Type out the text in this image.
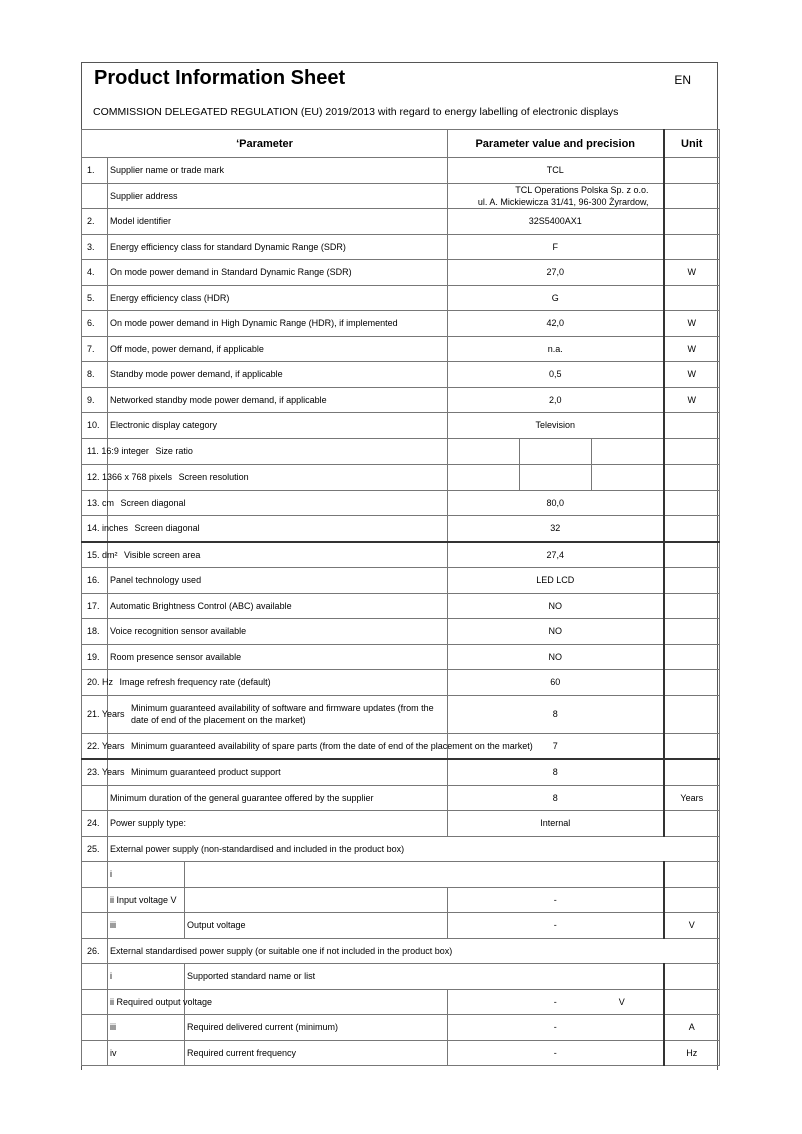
Product Information Sheet	EN
COMMISSION DELEGATED REGULATION (EU) 2019/2013 with regard to energy labelling of electronic displays
‘Parameter			Parameter value and precision	Unit
1.	Supplier name or trade mark		TCL	
	Supplier address		TCL Operations Polska Sp. z o.o.
ul. A. Mickiewicza 31/41, 96-300 Żyrardow,	
2.	Model identifier		32S5400AX1	
3.	Energy efficiency class for standard Dynamic Range (SDR)		F	
4.	On mode power demand in Standard Dynamic Range (SDR)		27,0	W
5.	Energy efficiency class (HDR)		G	
6.	On mode power demand in High Dynamic Range (HDR), if implemented		42,0	W
7.	Off mode, power demand, if applicable		n.a.	W
8.	Standby mode power demand, if applicable		0,5	W
9.	Networked standby mode power demand, if applicable		2,0	W
10.	Electronic display category		Television	
11. 16:9 integer	Size ratio		

12. 1366 x 768 pixels	Screen resolution		

13. cm	Screen diagonal		80,0	
14. inches	Screen diagonal		32	
15. dm²	Visible screen area		27,4	
16.	Panel technology used		LED LCD	
17.	Automatic Brightness Control (ABC) available		NO	
18.	Voice recognition sensor available		NO	
19.	Room presence sensor available		NO	
20. Hz	Image refresh frequency rate (default)		60	
21. Years	Minimum guaranteed availability of software and firmware updates (from the date of end of the placement on the market)		8	
22. Years	Minimum guaranteed availability of spare parts (from the date of end of the placement on the market)		7	
23. Years	Minimum guaranteed product support		8	
	Minimum duration of the general guarantee offered by the supplier		8	Years
24.	Power supply type:		Internal	
25.	External power supply (non-standardised and included in the product box)			
	i			
	ii Input voltage V		-	
	iii	Output voltage	-	V
26.	External standardised power supply (or suitable one if not included in the product box)			
	i	Supported standard name or list		
	ii Required output voltage		- V	

	iii	Required delivered current (minimum)	-	A
	iv	Required current frequency	-	Hz
